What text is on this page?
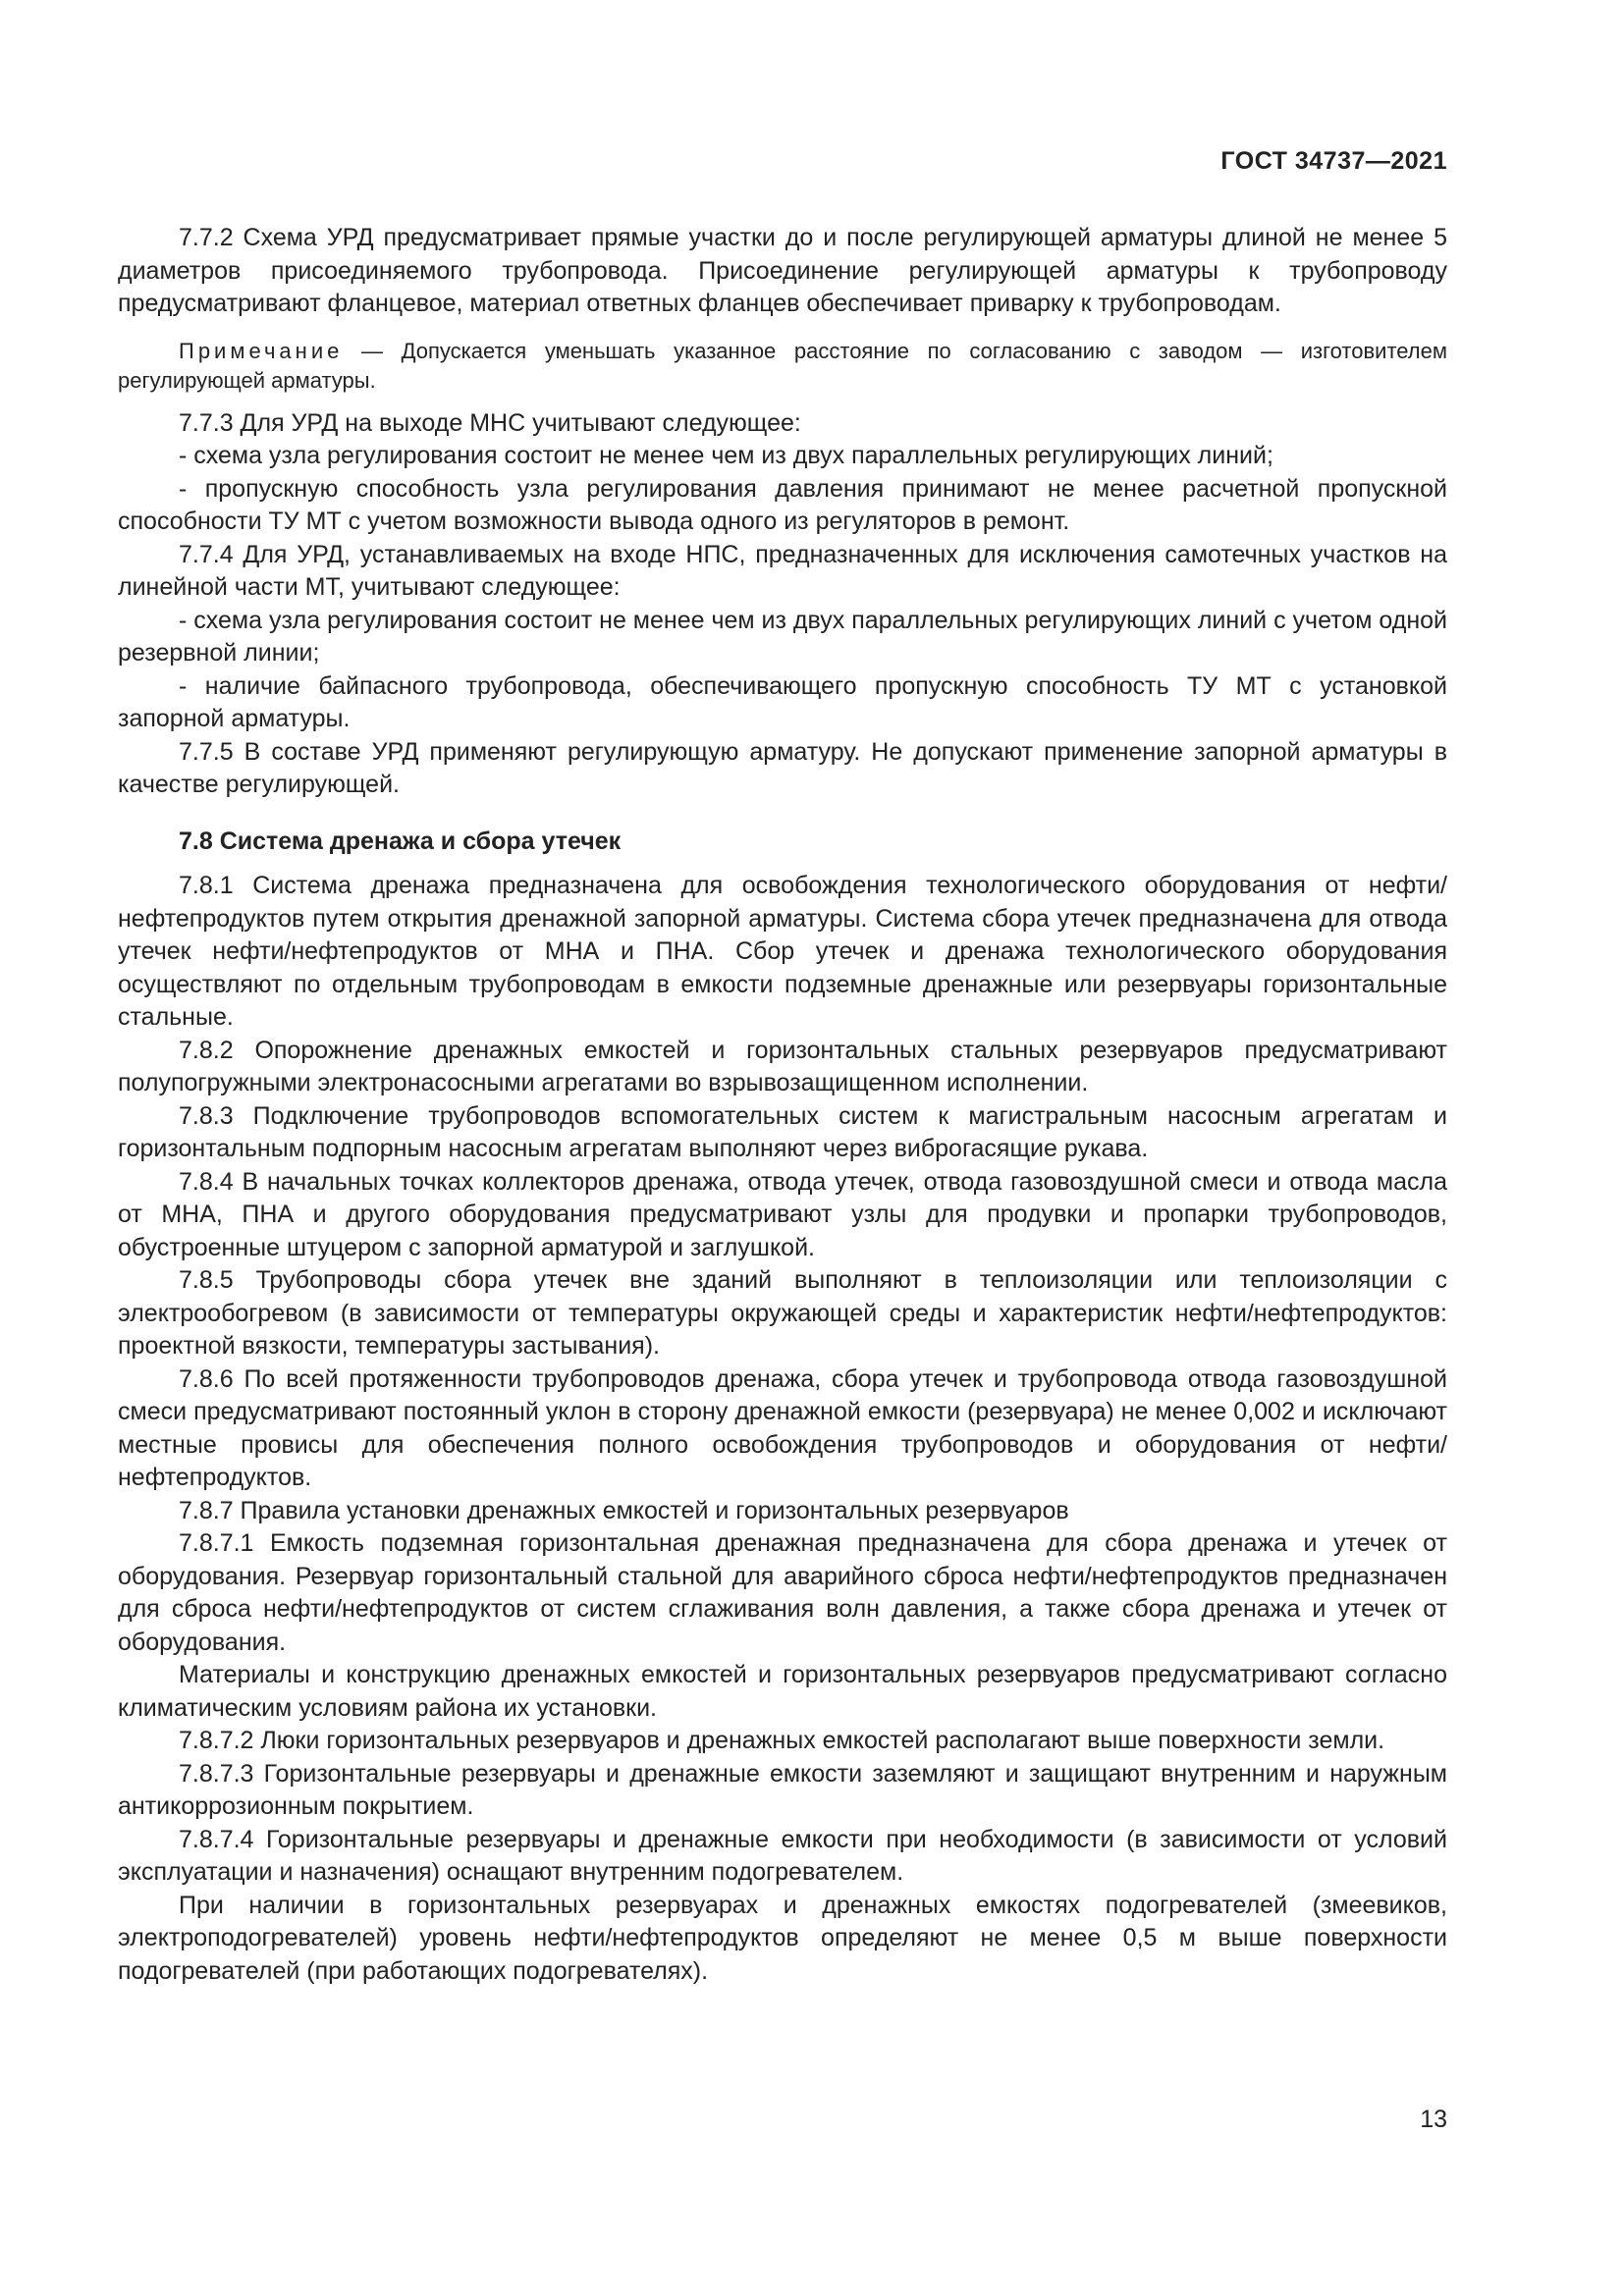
ГОСТ 34737—2021

7.7.2 Схема УРД предусматривает прямые участки до и после регулирующей арматуры длиной не менее 5 диаметров присоединяемого трубопровода. Присоединение регулирующей арматуры к трубопроводу предусматривают фланцевое, материал ответных фланцев обеспечивает приварку к трубопроводам.

Примечание — Допускается уменьшать указанное расстояние по согласованию с заводом — изготовителем регулирующей арматуры.

7.7.3 Для УРД на выходе МНС учитывают следующее:

- схема узла регулирования состоит не менее чем из двух параллельных регулирующих линий;

- пропускную способность узла регулирования давления принимают не менее расчетной пропускной способности ТУ МТ с учетом возможности вывода одного из регуляторов в ремонт.

7.7.4 Для УРД, устанавливаемых на входе НПС, предназначенных для исключения самотечных участков на линейной части МТ, учитывают следующее:

- схема узла регулирования состоит не менее чем из двух параллельных регулирующих линий с учетом одной резервной линии;

- наличие байпасного трубопровода, обеспечивающего пропускную способность ТУ МТ с установкой запорной арматуры.

7.7.5 В составе УРД применяют регулирующую арматуру. Не допускают применение запорной арматуры в качестве регулирующей.

7.8 Система дренажа и сбора утечек

7.8.1 Система дренажа предназначена для освобождения технологического оборудования от нефти/нефтепродуктов путем открытия дренажной запорной арматуры. Система сбора утечек предназначена для отвода утечек нефти/нефтепродуктов от МНА и ПНА. Сбор утечек и дренажа технологического оборудования осуществляют по отдельным трубопроводам в емкости подземные дренажные или резервуары горизонтальные стальные.

7.8.2 Опорожнение дренажных емкостей и горизонтальных стальных резервуаров предусматривают полупогружными электронасосными агрегатами во взрывозащищенном исполнении.

7.8.3 Подключение трубопроводов вспомогательных систем к магистральным насосным агрегатам и горизонтальным подпорным насосным агрегатам выполняют через виброгасящие рукава.

7.8.4 В начальных точках коллекторов дренажа, отвода утечек, отвода газовоздушной смеси и отвода масла от МНА, ПНА и другого оборудования предусматривают узлы для продувки и пропарки трубопроводов, обустроенные штуцером с запорной арматурой и заглушкой.

7.8.5 Трубопроводы сбора утечек вне зданий выполняют в теплоизоляции или теплоизоляции с электрообогревом (в зависимости от температуры окружающей среды и характеристик нефти/нефтепродуктов: проектной вязкости, температуры застывания).

7.8.6 По всей протяженности трубопроводов дренажа, сбора утечек и трубопровода отвода газовоздушной смеси предусматривают постоянный уклон в сторону дренажной емкости (резервуара) не менее 0,002 и исключают местные провисы для обеспечения полного освобождения трубопроводов и оборудования от нефти/нефтепродуктов.

7.8.7 Правила установки дренажных емкостей и горизонтальных резервуаров

7.8.7.1 Емкость подземная горизонтальная дренажная предназначена для сбора дренажа и утечек от оборудования. Резервуар горизонтальный стальной для аварийного сброса нефти/нефтепродуктов предназначен для сброса нефти/нефтепродуктов от систем сглаживания волн давления, а также сбора дренажа и утечек от оборудования.

Материалы и конструкцию дренажных емкостей и горизонтальных резервуаров предусматривают согласно климатическим условиям района их установки.

7.8.7.2 Люки горизонтальных резервуаров и дренажных емкостей располагают выше поверхности земли.

7.8.7.3 Горизонтальные резервуары и дренажные емкости заземляют и защищают внутренним и наружным антикоррозионным покрытием.

7.8.7.4 Горизонтальные резервуары и дренажные емкости при необходимости (в зависимости от условий эксплуатации и назначения) оснащают внутренним подогревателем.

При наличии в горизонтальных резервуарах и дренажных емкостях подогревателей (змеевиков, электроподогревателей) уровень нефти/нефтепродуктов определяют не менее 0,5 м выше поверхности подогревателей (при работающих подогревателях).

13
